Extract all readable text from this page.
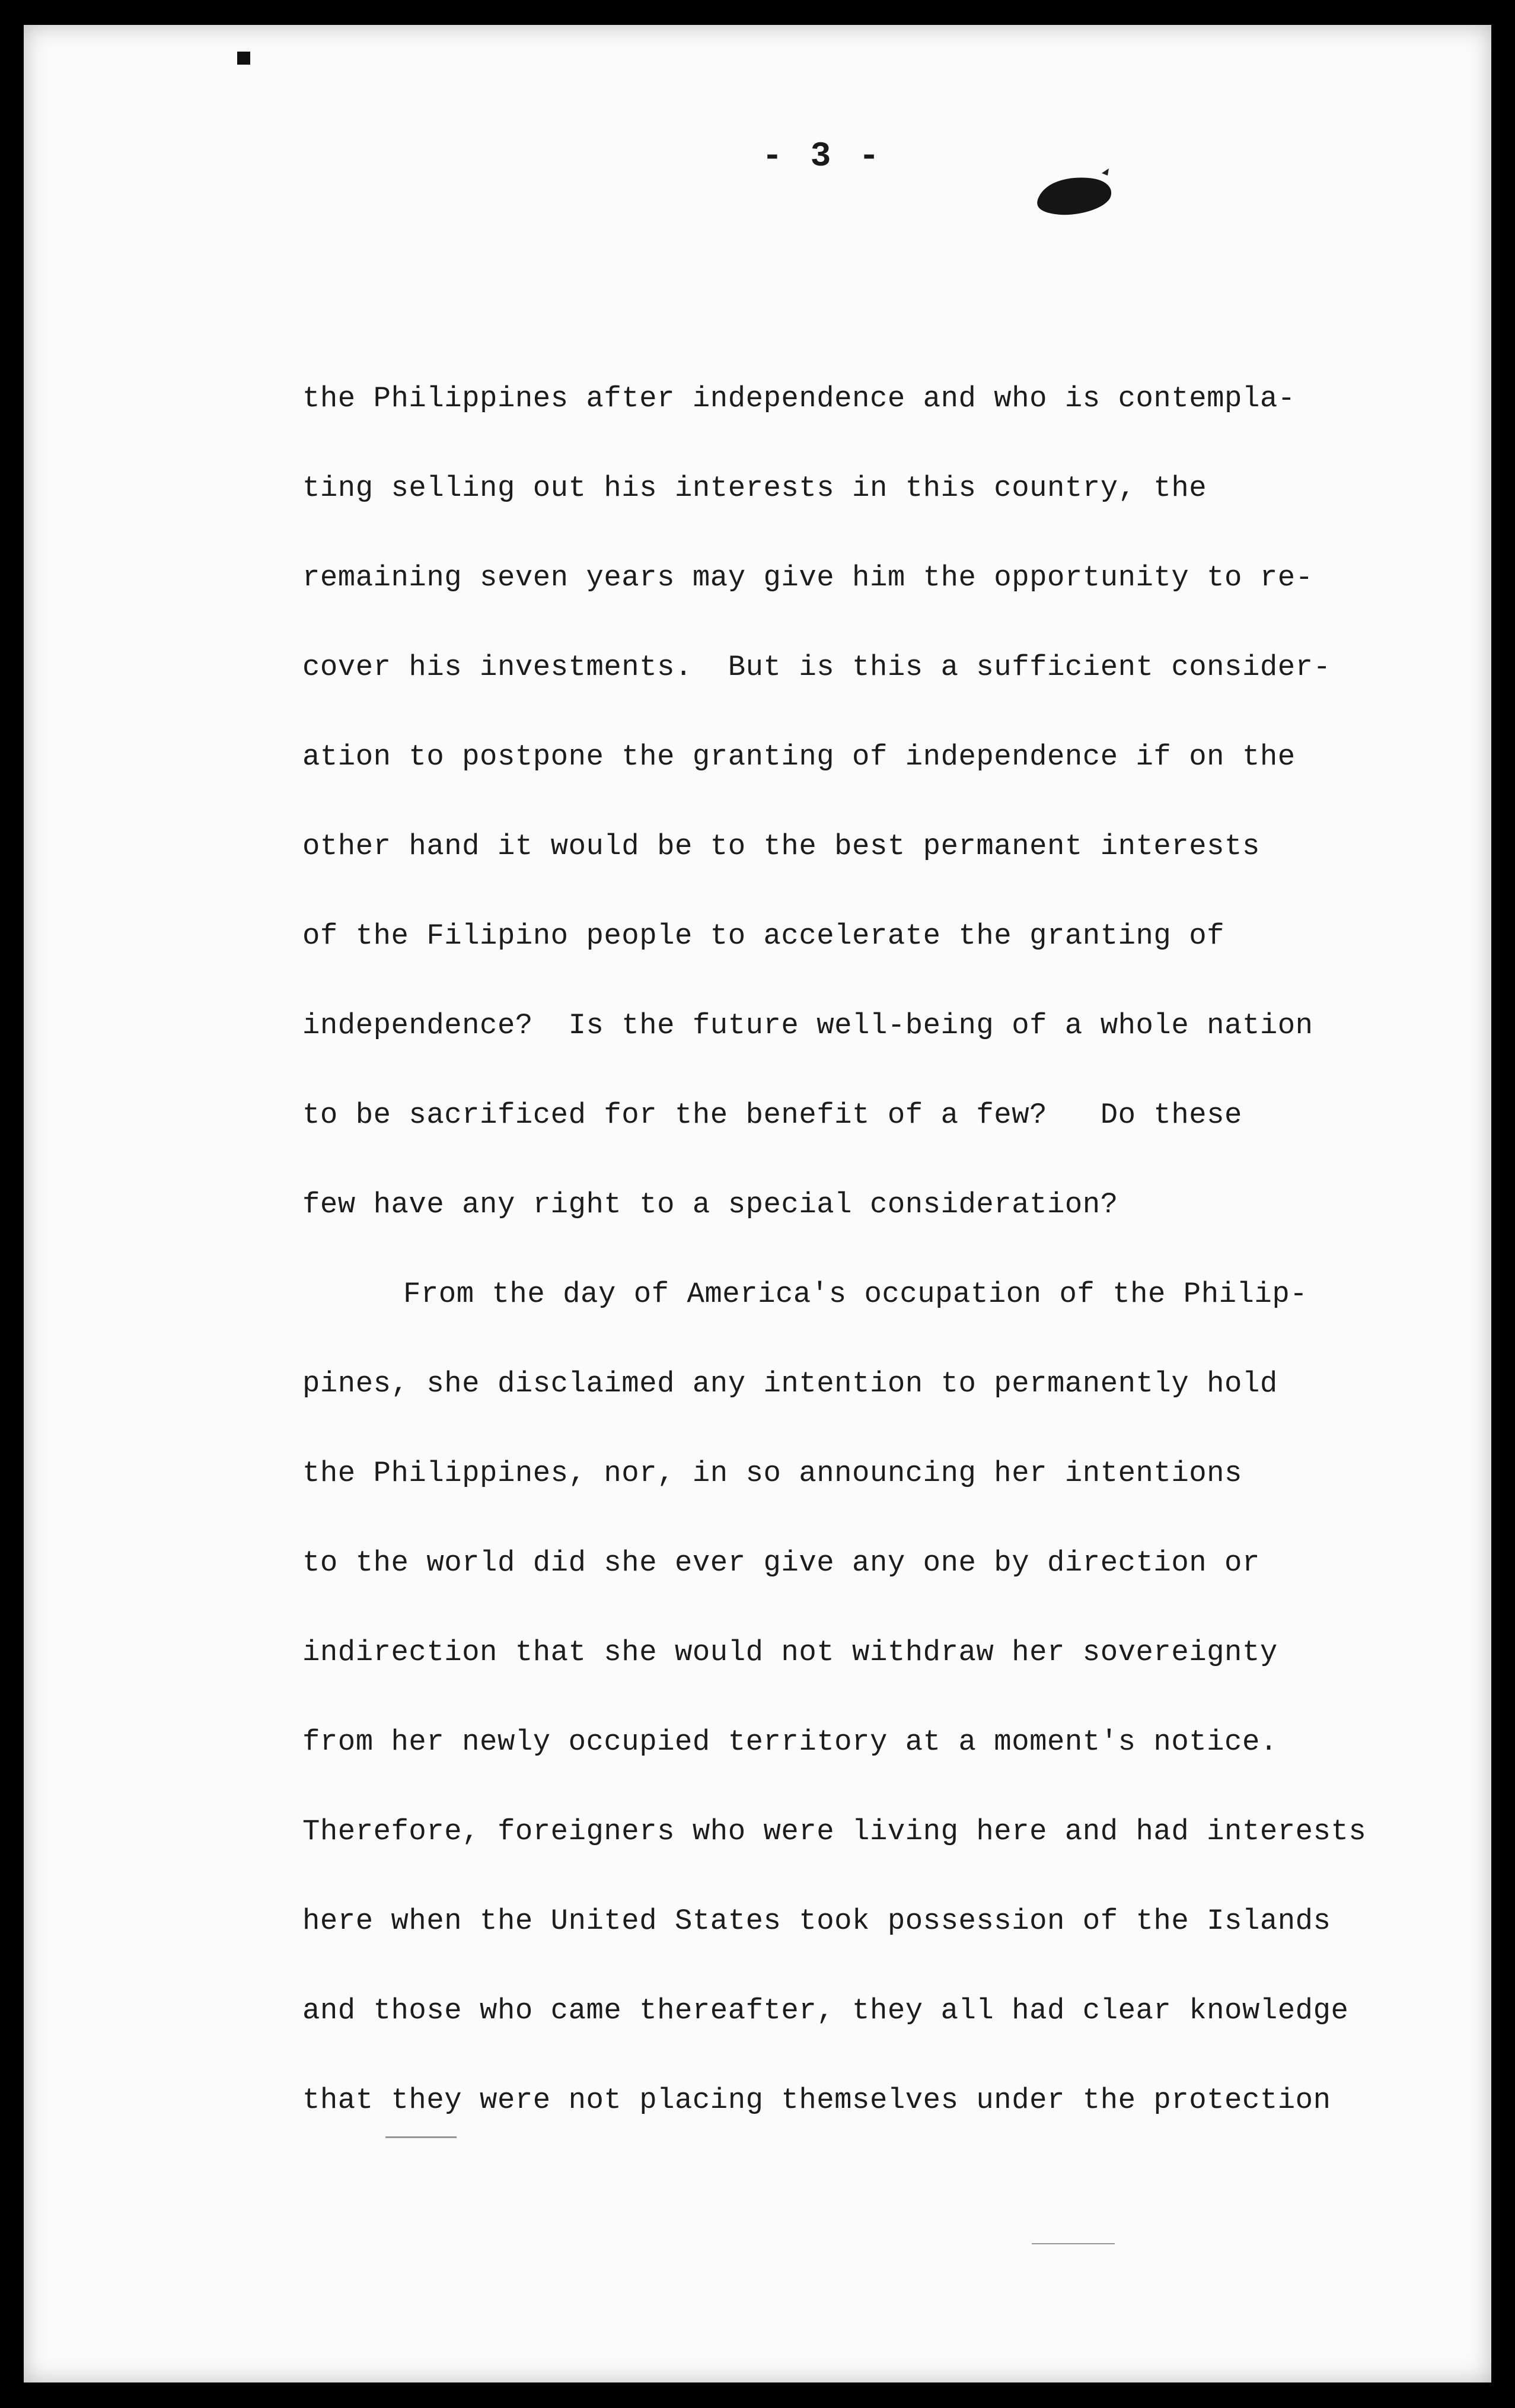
- 3 -
the Philippines after independence and who is contempla-
ting selling out his interests in this country, the
remaining seven years may give him the opportunity to re-
cover his investments.  But is this a sufficient consider-
ation to postpone the granting of independence if on the
other hand it would be to the best permanent interests
of the Filipino people to accelerate the granting of
independence?  Is the future well-being of a whole nation
to be sacrificed for the benefit of a few?   Do these
few have any right to a special consideration?
From the day of America's occupation of the Philip-
pines, she disclaimed any intention to permanently hold
the Philippines, nor, in so announcing her intentions
to the world did she ever give any one by direction or
indirection that she would not withdraw her sovereignty
from her newly occupied territory at a moment's notice.
Therefore, foreigners who were living here and had interests
here when the United States took possession of the Islands
and those who came thereafter, they all had clear knowledge
that they were not placing themselves under the protection
